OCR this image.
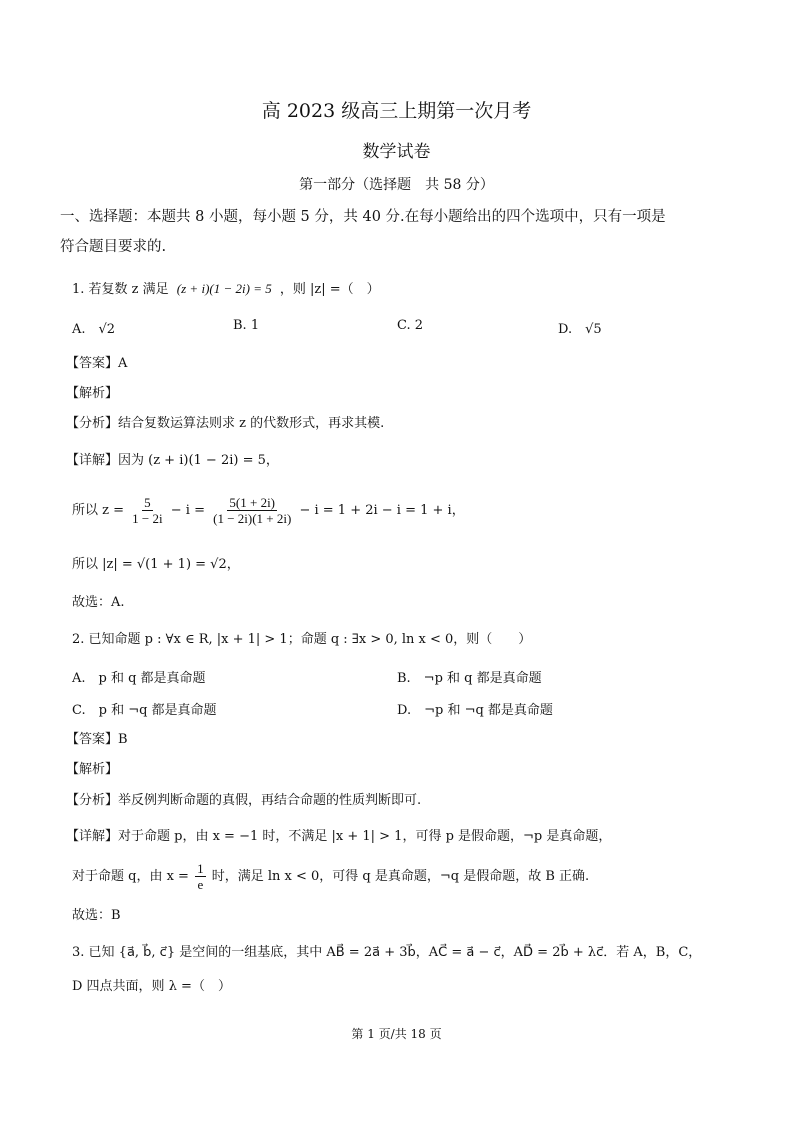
高 2023 级高三上期第一次月考
数学试卷
第一部分（选择题　共 58 分）
一、选择题：本题共 8 小题，每小题 5 分，共 40 分.在每小题给出的四个选项中，只有一项是
符合题目要求的.
1. 若复数 z 满足 (z + i)(1 − 2i) = 5 ，则 |z| =（　）
A.　√2	B. 1	C. 2	D.　√5
【答案】A
【解析】
【分析】结合复数运算法则求 z 的代数形式，再求其模.
【详解】因为 (z + i)(1 − 2i) = 5，
所以 $z = \frac{5}{1 - 2i} - i = \frac{5(1 + 2i)}{(1 - 2i)(1 + 2i)} - i = 1 + 2i - i = 1 + i$，
所以 |z| = √(1 + 1) = √2，
故选：A.
2. 已知命题 p : ∀x ∈ R, |x + 1| > 1；命题 q : ∃x > 0, ln x < 0，则（　　）
A.　p 和 q 都是真命题	B.　¬p 和 q 都是真命题
C.　p 和 ¬q 都是真命题	D.　¬p 和 ¬q 都是真命题
【答案】B
【解析】
【分析】举反例判断命题的真假，再结合命题的性质判断即可.
【详解】对于命题 p，由 x = −1 时，不满足 |x + 1| > 1，可得 p 是假命题，¬p 是真命题，
对于命题 q，由 $x = \frac{1}{e}$ 时，满足 ln x < 0，可得 q 是真命题，¬q 是假命题，故 B 正确.
故选：B
3. 已知 {a⃗, b⃗, c⃗} 是空间的一组基底，其中 AB⃗ = 2a⃗ + 3b⃗，AC⃗ = a⃗ − c⃗，AD⃗ = 2b⃗ + λc⃗．若 A，B，C，
D 四点共面，则 λ =（　）
第 1 页/共 18 页
